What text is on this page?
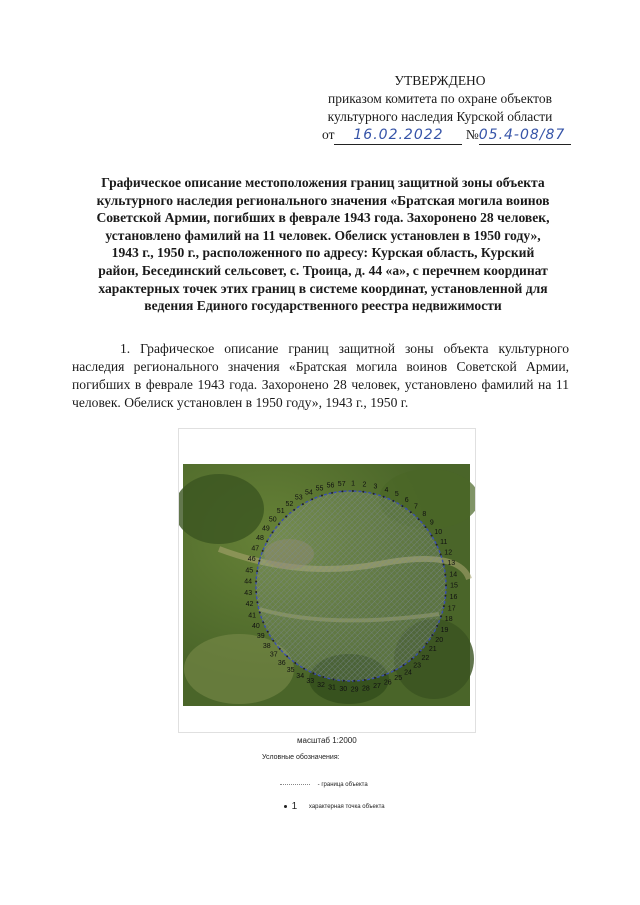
УТВЕРЖДЕНО
приказом комитета по охране объектов
культурного наследия Курской области
от 16.02.2022 №05.4-08/87
Графическое описание местоположения границ защитной зоны объекта культурного наследия регионального значения «Братская могила воинов Советской Армии, погибших в феврале 1943 года. Захоронено 28 человек, установлено фамилий на 11 человек. Обелиск установлен в 1950 году», 1943 г., 1950 г., расположенного по адресу: Курская область, Курский район, Бесединский сельсовет, с. Троица, д. 44 «а», с перечнем координат характерных точек этих границ в системе координат, установленной для ведения Единого государственного реестра недвижимости
1. Графическое описание границ защитной зоны объекта культурного наследия регионального значения «Братская могила воинов Советской Армии, погибших в феврале 1943 года. Захоронено 28 человек, установлено фамилий на 11 человек. Обелиск установлен в 1950 году», 1943 г., 1950 г.
1 2 3 4
5
6
7
8
9
10
11
12
13
14
15
16
17
18
19
20
21
22
23
24
25
26
27
28
29
30
31
32
33
34
35
36
37
38
39
40
41
42
43
44
45
46
47
48
49
50
51
52
53
54
55 56 57
масштаб 1:2000
Условные обозначения:
- граница объекта
1 характерная точка объекта
